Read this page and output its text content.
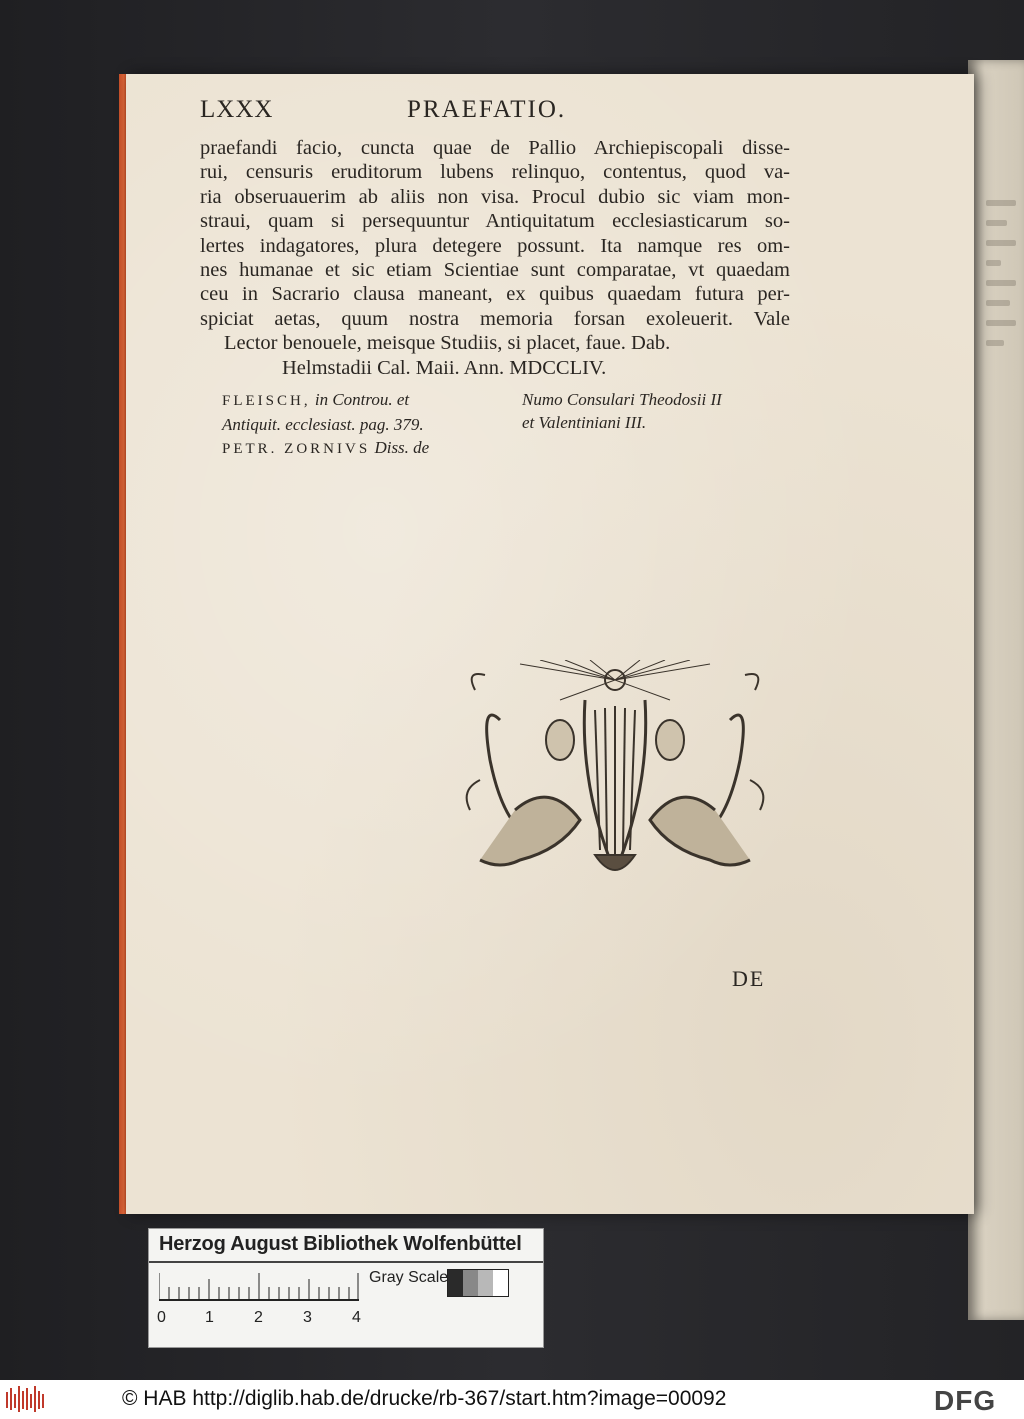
LXXX	PRAEFATIO.
praefandi facio, cuncta quae de Pallio Archiepiscopali disse-
rui, censuris eruditorum lubens relinquo, contentus, quod va-
ria obseruauerim ab aliis non visa. Procul dubio sic viam mon-
straui, quam si persequuntur Antiquitatum ecclesiasticarum so-
lertes indagatores, plura detegere possunt. Ita namque res om-
nes humanae et sic etiam Scientiae sunt comparatae, vt quaedam
ceu in Sacrario clausa maneant, ex quibus quaedam futura per-
spiciat aetas, quum nostra memoria forsan exoleuerit. Vale
Lector benouele, meisque Studiis, si placet, faue. Dab.
Helmstadii Cal. Maii. Ann. MDCCLIV.
FLEISCH, in Controu. et
Antiquit. ecclesiast. pag. 379.
PETR. ZORNIVS Diss. de
Numo Consulari Theodosii II
et Valentiniani III.
DE
Herzog August Bibliothek Wolfenbüttel
Gray Scale
0 1	2	3	4
© HAB http://diglib.hab.de/drucke/rb-367/start.htm?image=00092	DFG
